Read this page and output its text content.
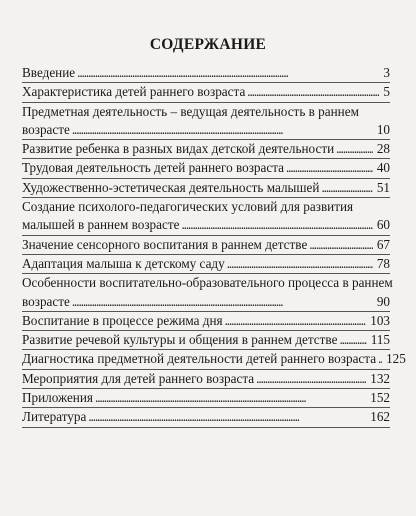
СОДЕРЖАНИЕ
Введение . . .	3
Характеристика детей раннего возраста . . .	5
Предметная деятельность – ведущая деятельность в раннем
возрасте . . .	10
Развитие ребенка в разных видах детской деятельности . . .	28
Трудовая деятельность детей раннего возраста . . .	40
Художественно-эстетическая деятельность малышей . . .	51
Создание психолого-педагогических условий для развития
малышей в раннем возрасте . . .	60
Значение сенсорного воспитания в раннем детстве . . .	67
Адаптация малыша к детскому саду . . .	78
Особенности воспитательно-образовательного процесса в раннем
возрасте . . .	90
Воспитание в процессе режима дня . . .	103
Развитие речевой культуры и общения в раннем детстве . . .	115
Диагностика предметной деятельности детей раннего возраста . . . 125
Мероприятия для детей раннего возраста . . .	132
Приложения . . .	152
Литература . . .	162
